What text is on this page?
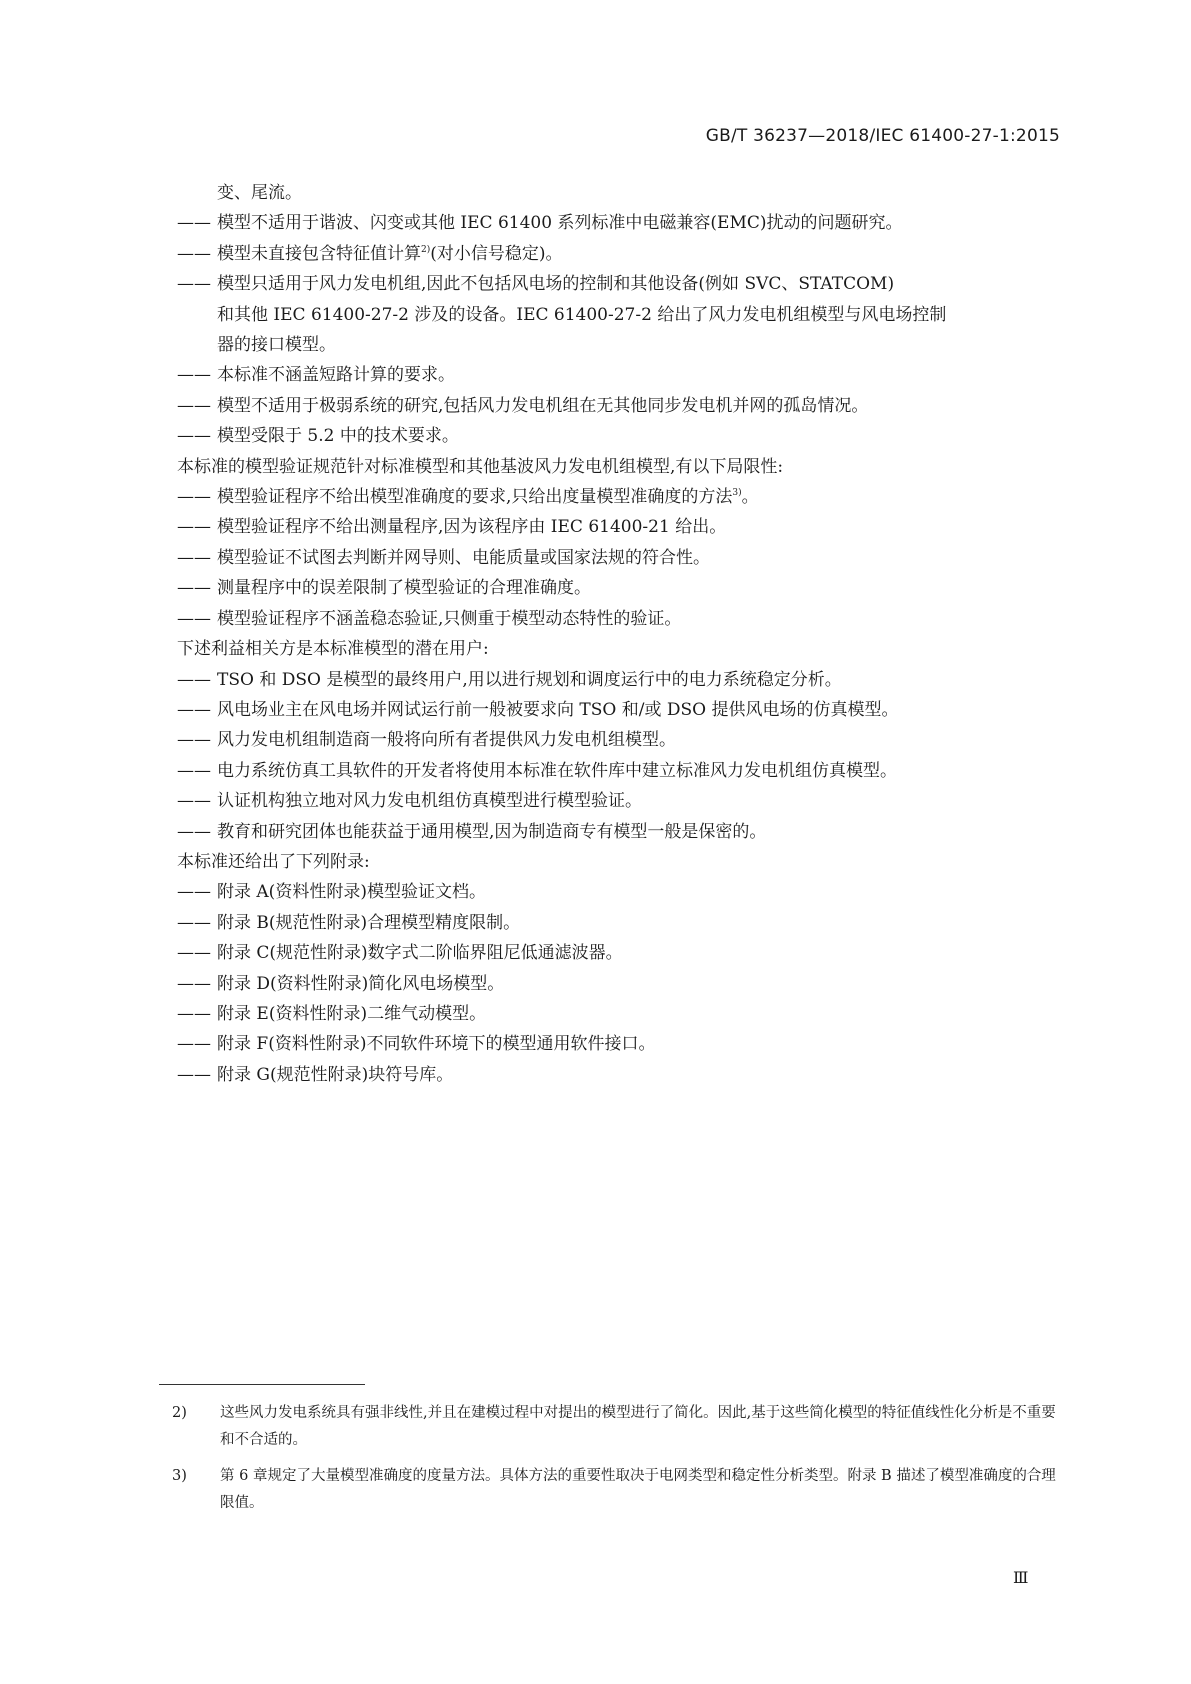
GB/T 36237—2018/IEC 61400-27-1:2015

变、尾流。

—— 模型不适用于谐波、闪变或其他 IEC 61400 系列标准中电磁兼容(EMC)扰动的问题研究。
—— 模型未直接包含特征值计算$^{2)}$(对小信号稳定)。
—— 模型只适用于风力发电机组,因此不包括风电场的控制和其他设备(例如 SVC、STATCOM)

和其他 IEC 61400-27-2 涉及的设备。IEC 61400-27-2 给出了风力发电机组模型与风电场控制

器的接口模型。

—— 本标准不涵盖短路计算的要求。
—— 模型不适用于极弱系统的研究,包括风力发电机组在无其他同步发电机并网的孤岛情况。
—— 模型受限于 5.2 中的技术要求。

本标准的模型验证规范针对标准模型和其他基波风力发电机组模型,有以下局限性:

—— 模型验证程序不给出模型准确度的要求,只给出度量模型准确度的方法$^{3)}$。
—— 模型验证程序不给出测量程序,因为该程序由 IEC 61400-21 给出。
—— 模型验证不试图去判断并网导则、电能质量或国家法规的符合性。
—— 测量程序中的误差限制了模型验证的合理准确度。
—— 模型验证程序不涵盖稳态验证,只侧重于模型动态特性的验证。

下述利益相关方是本标准模型的潜在用户:

—— TSO 和 DSO 是模型的最终用户,用以进行规划和调度运行中的电力系统稳定分析。
—— 风电场业主在风电场并网试运行前一般被要求向 TSO 和/或 DSO 提供风电场的仿真模型。
—— 风力发电机组制造商一般将向所有者提供风力发电机组模型。
—— 电力系统仿真工具软件的开发者将使用本标准在软件库中建立标准风力发电机组仿真模型。
—— 认证机构独立地对风力发电机组仿真模型进行模型验证。
—— 教育和研究团体也能获益于通用模型,因为制造商专有模型一般是保密的。

本标准还给出了下列附录:

—— 附录 A(资料性附录)模型验证文档。
—— 附录 B(规范性附录)合理模型精度限制。
—— 附录 C(规范性附录)数字式二阶临界阻尼低通滤波器。
—— 附录 D(资料性附录)简化风电场模型。
—— 附录 E(资料性附录)二维气动模型。
—— 附录 F(资料性附录)不同软件环境下的模型通用软件接口。
—— 附录 G(规范性附录)块符号库。
2)	这些风力发电系统具有强非线性,并且在建模过程中对提出的模型进行了简化。因此,基于这些简化模型的特征值线性化分析是不重要和不合适的。
3)	第 6 章规定了大量模型准确度的度量方法。具体方法的重要性取决于电网类型和稳定性分析类型。附录 B 描述了模型准确度的合理限值。
Ⅲ
